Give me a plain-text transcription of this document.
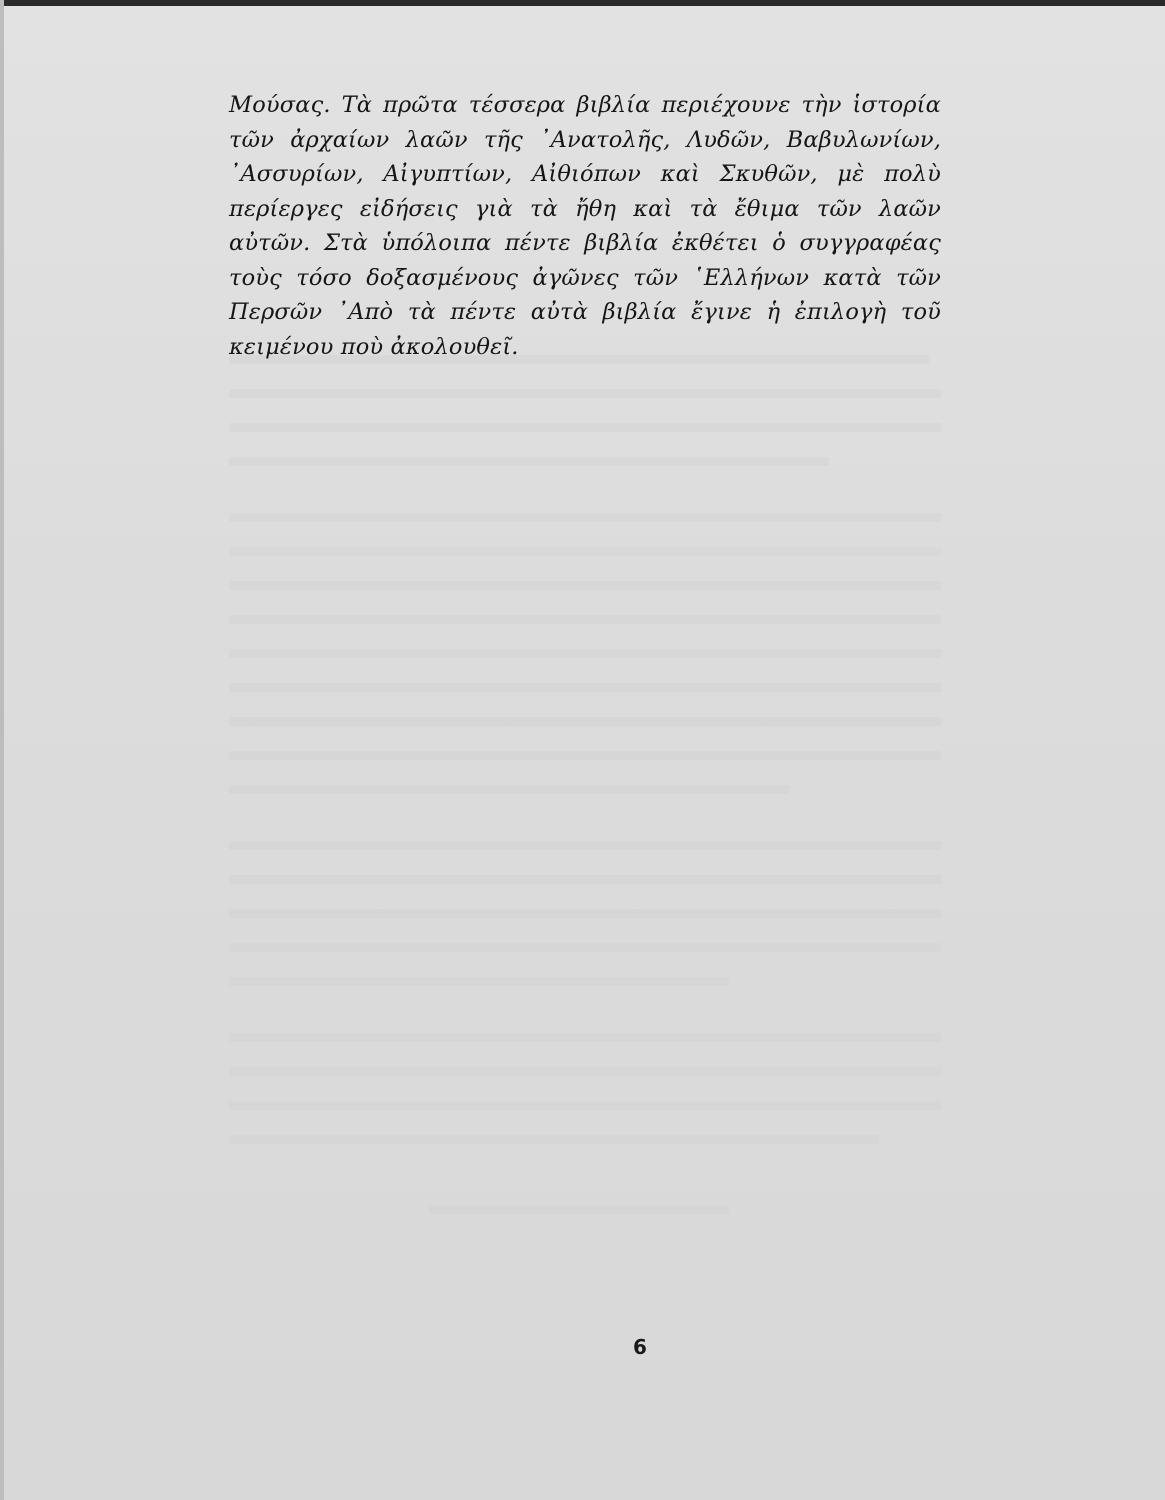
Μούσας. Τὰ πρῶτα τέσσερα βιβλία περιέχουνε τὴν ἱστορία τῶν ἀρχαίων λαῶν τῆς ᾿Ανατολῆς, Λυδῶν, Βαβυλωνίων, ᾿Ασσυρίων, Αἰγυπτίων, Αἰθιόπων καὶ Σκυθῶν, μὲ πολὺ περίεργες εἰδήσεις γιὰ τὰ ἤθη καὶ τὰ ἔθιμα τῶν λαῶν αὐτῶν. Στὰ ὑπόλοιπα πέντε βιβλία ἐκθέτει ὁ συγγραφέας τοὺς τόσο δοξασμένους ἀγῶνες τῶν ῾Ελλήνων κατὰ τῶν Περσῶν ᾿Απὸ τὰ πέντε αὐτὰ βιβλία ἔγινε ἡ ἐπιλογὴ τοῦ κειμένου ποὺ ἀκολουθεῖ.
6
